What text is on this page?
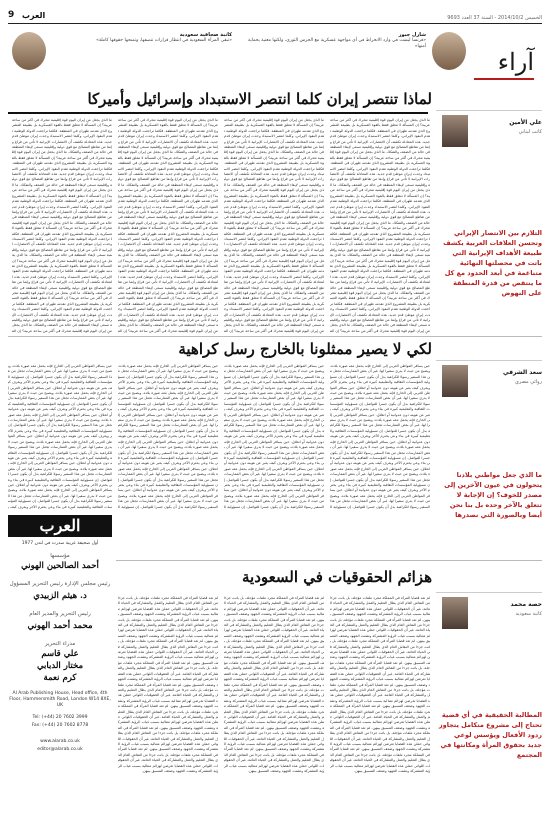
9 العرب	الخميس 2014/10/2 - السنة 37 العدد 9693
شارل جبور
«فرنسا ليست في وارد الانخراط في أي مواجهة عسكرية مع الحرس الثوري، ولكنها معنية بحماية أمنها»
كاتبة صحافية سعودية
«تبقى المرأة السعودية في انتظار قرارات تنصفها، وتمنحها حقوقها كاملة»
آراء
لماذا تنتصر إيران كلما انتصر الاستبداد وإسرائيل وأميركا
علي الأمين
كاتب لبناني
التلازم بين الانتصار الإيراني وتحسن العلاقات العربية يكشف طبيعة الأهداف الإيرانية التي باتت في محصلتها النهائية متناغمة في أبعد الحدود مع كل ما ينتقص من قدرة المنطقة على النهوض
ما الذي يجعل من إيران اليوم قوة إقليمية تتحرك في أكثر من ساحة عربية؟ إن المسألة لا تتعلق فقط بالقوة العسكرية بل بطبيعة المشروع الذي تقدمه طهران في المنطقة. فكلما تراجعت الدولة الوطنية تقدم النفوذ الإيراني، وكلما انتصر الاستبداد وجدت إيران موطئ قدم جديد. هذه المعادلة تكشف أن الانتصارات الإيرانية لا تأتي من فراغ وإنما من تقاطع المصالح مع قوى دولية وإقليمية تسعى لإبقاء المنطقة في حالة من الضعف والتفكك. ما الذي يجعل من إيران اليوم قوة إقليمية تتحرك في أكثر من ساحة عربية؟ إن المسألة لا تتعلق فقط بالقوة العسكرية بل بطبيعة المشروع الذي تقدمه طهران في المنطقة. فكلما تراجعت الدولة الوطنية تقدم النفوذ الإيراني، وكلما انتصر الاستبداد وجدت إيران موطئ قدم جديد. هذه المعادلة تكشف أن الانتصارات الإيرانية لا تأتي من فراغ وإنما من تقاطع المصالح مع قوى دولية وإقليمية تسعى لإبقاء المنطقة في حالة من الضعف والتفكك. ما الذي يجعل من إيران اليوم قوة إقليمية تتحرك في أكثر من ساحة عربية؟ إن المسألة لا تتعلق فقط بالقوة العسكرية بل بطبيعة المشروع الذي تقدمه طهران في المنطقة. فكلما تراجعت الدولة الوطنية تقدم النفوذ الإيراني، وكلما انتصر الاستبداد وجدت إيران موطئ قدم جديد. هذه المعادلة تكشف أن الانتصارات الإيرانية لا تأتي من فراغ وإنما من تقاطع المصالح مع قوى دولية وإقليمية تسعى لإبقاء المنطقة في حالة من الضعف والتفكك. ما الذي يجعل من إيران اليوم قوة إقليمية تتحرك في أكثر من ساحة عربية؟ إن المسألة لا تتعلق فقط بالقوة العسكرية بل بطبيعة المشروع الذي تقدمه طهران في المنطقة. فكلما تراجعت الدولة الوطنية تقدم النفوذ الإيراني، وكلما انتصر الاستبداد وجدت إيران موطئ قدم جديد. هذه المعادلة تكشف أن الانتصارات الإيرانية لا تأتي من فراغ وإنما من تقاطع المصالح مع قوى دولية وإقليمية تسعى لإبقاء المنطقة في حالة من الضعف والتفكك. ما الذي يجعل من إيران اليوم قوة إقليمية تتحرك في أكثر من ساحة عربية؟ إن المسألة لا تتعلق فقط بالقوة العسكرية بل بطبيعة المشروع الذي تقدمه طهران في المنطقة. فكلما تراجعت الدولة الوطنية تقدم النفوذ الإيراني، وكلما انتصر الاستبداد وجدت إيران موطئ قدم جديد. هذه المعادلة تكشف أن الانتصارات الإيرانية لا تأتي من فراغ وإنما من تقاطع المصالح مع قوى دولية وإقليمية تسعى لإبقاء المنطقة في حالة من الضعف والتفكك. ما الذي يجعل من إيران اليوم قوة إقليمية تتحرك في أكثر من ساحة عربية؟ إن المسألة لا تتعلق فقط بالقوة العسكرية بل بطبيعة المشروع الذي تقدمه طهران في المنطقة. فكلما تراجعت الدولة الوطنية تقدم النفوذ الإيراني، وكلما انتصر الاستبداد وجدت إيران موطئ قدم جديد. هذه المعادلة تكشف أن الانتصارات الإيرانية لا تأتي من فراغ وإنما من تقاطع المصالح مع قوى دولية وإقليمية تسعى لإبقاء المنطقة في حالة من الضعف والتفكك. ما الذي يجعل من إيران اليوم قوة إقليمية تتحرك في أكثر من ساحة عربية؟ إن الم
ما الذي يجعل من إيران اليوم قوة إقليمية تتحرك في أكثر من ساحة عربية؟ إن المسألة لا تتعلق فقط بالقوة العسكرية بل بطبيعة المشروع الذي تقدمه طهران في المنطقة. فكلما تراجعت الدولة الوطنية تقدم النفوذ الإيراني، وكلما انتصر الاستبداد وجدت إيران موطئ قدم جديد. هذه المعادلة تكشف أن الانتصارات الإيرانية لا تأتي من فراغ وإنما من تقاطع المصالح مع قوى دولية وإقليمية تسعى لإبقاء المنطقة في حالة من الضعف والتفكك. ما الذي يجعل من إيران اليوم قوة إقليمية تتحرك في أكثر من ساحة عربية؟ إن المسألة لا تتعلق فقط بالقوة العسكرية بل بطبيعة المشروع الذي تقدمه طهران في المنطقة. فكلما تراجعت الدولة الوطنية تقدم النفوذ الإيراني، وكلما انتصر الاستبداد وجدت إيران موطئ قدم جديد. هذه المعادلة تكشف أن الانتصارات الإيرانية لا تأتي من فراغ وإنما من تقاطع المصالح مع قوى دولية وإقليمية تسعى لإبقاء المنطقة في حالة من الضعف والتفكك. ما الذي يجعل من إيران اليوم قوة إقليمية تتحرك في أكثر من ساحة عربية؟ إن المسألة لا تتعلق فقط بالقوة العسكرية بل بطبيعة المشروع الذي تقدمه طهران في المنطقة. فكلما تراجعت الدولة الوطنية تقدم النفوذ الإيراني، وكلما انتصر الاستبداد وجدت إيران موطئ قدم جديد. هذه المعادلة تكشف أن الانتصارات الإيرانية لا تأتي من فراغ وإنما من تقاطع المصالح مع قوى دولية وإقليمية تسعى لإبقاء المنطقة في حالة من الضعف والتفكك. ما الذي يجعل من إيران اليوم قوة إقليمية تتحرك في أكثر من ساحة عربية؟ إن المسألة لا تتعلق فقط بالقوة العسكرية بل بطبيعة المشروع الذي تقدمه طهران في المنطقة. فكلما تراجعت الدولة الوطنية تقدم النفوذ الإيراني، وكلما انتصر الاستبداد وجدت إيران موطئ قدم جديد. هذه المعادلة تكشف أن الانتصارات الإيرانية لا تأتي من فراغ وإنما من تقاطع المصالح مع قوى دولية وإقليمية تسعى لإبقاء المنطقة في حالة من الضعف والتفكك. ما الذي يجعل من إيران اليوم قوة إقليمية تتحرك في أكثر من ساحة عربية؟ إن المسألة لا تتعلق فقط بالقوة العسكرية بل بطبيعة المشروع الذي تقدمه طهران في المنطقة. فكلما تراجعت الدولة الوطنية تقدم النفوذ الإيراني، وكلما انتصر الاستبداد وجدت إيران موطئ قدم جديد. هذه المعادلة تكشف أن الانتصارات الإيرانية لا تأتي من فراغ وإنما من تقاطع المصالح مع قوى دولية وإقليمية تسعى لإبقاء المنطقة في حالة من الضعف والتفكك. ما الذي يجعل من إيران اليوم قوة إقليمية تتحرك في أكثر من ساحة عربية؟ إن المسألة لا تتعلق فقط بالقوة العسكرية بل بطبيعة المشروع الذي تقدمه طهران في المنطقة. فكلما تراجعت الدولة الوطنية تقدم النفوذ الإيراني، وكلما انتصر الاستبداد وجدت إيران موطئ قدم جديد. هذه المعادلة تكشف أن الانتصارات الإيرانية لا تأتي من فراغ وإنما من تقاطع المصالح مع قوى دولية وإقليمية تسعى لإبقاء المنطقة في حالة من الضعف والتفكك. ما الذي يجعل من إيران اليوم قوة إقليمية تتحرك في أكثر من ساحة عربية؟ إن الم
ما الذي يجعل من إيران اليوم قوة إقليمية تتحرك في أكثر من ساحة عربية؟ إن المسألة لا تتعلق فقط بالقوة العسكرية بل بطبيعة المشروع الذي تقدمه طهران في المنطقة. فكلما تراجعت الدولة الوطنية تقدم النفوذ الإيراني، وكلما انتصر الاستبداد وجدت إيران موطئ قدم جديد. هذه المعادلة تكشف أن الانتصارات الإيرانية لا تأتي من فراغ وإنما من تقاطع المصالح مع قوى دولية وإقليمية تسعى لإبقاء المنطقة في حالة من الضعف والتفكك. ما الذي يجعل من إيران اليوم قوة إقليمية تتحرك في أكثر من ساحة عربية؟ إن المسألة لا تتعلق فقط بالقوة العسكرية بل بطبيعة المشروع الذي تقدمه طهران في المنطقة. فكلما تراجعت الدولة الوطنية تقدم النفوذ الإيراني، وكلما انتصر الاستبداد وجدت إيران موطئ قدم جديد. هذه المعادلة تكشف أن الانتصارات الإيرانية لا تأتي من فراغ وإنما من تقاطع المصالح مع قوى دولية وإقليمية تسعى لإبقاء المنطقة في حالة من الضعف والتفكك. ما الذي يجعل من إيران اليوم قوة إقليمية تتحرك في أكثر من ساحة عربية؟ إن المسألة لا تتعلق فقط بالقوة العسكرية بل بطبيعة المشروع الذي تقدمه طهران في المنطقة. فكلما تراجعت الدولة الوطنية تقدم النفوذ الإيراني، وكلما انتصر الاستبداد وجدت إيران موطئ قدم جديد. هذه المعادلة تكشف أن الانتصارات الإيرانية لا تأتي من فراغ وإنما من تقاطع المصالح مع قوى دولية وإقليمية تسعى لإبقاء المنطقة في حالة من الضعف والتفكك. ما الذي يجعل من إيران اليوم قوة إقليمية تتحرك في أكثر من ساحة عربية؟ إن المسألة لا تتعلق فقط بالقوة العسكرية بل بطبيعة المشروع الذي تقدمه طهران في المنطقة. فكلما تراجعت الدولة الوطنية تقدم النفوذ الإيراني، وكلما انتصر الاستبداد وجدت إيران موطئ قدم جديد. هذه المعادلة تكشف أن الانتصارات الإيرانية لا تأتي من فراغ وإنما من تقاطع المصالح مع قوى دولية وإقليمية تسعى لإبقاء المنطقة في حالة من الضعف والتفكك. ما الذي يجعل من إيران اليوم قوة إقليمية تتحرك في أكثر من ساحة عربية؟ إن المسألة لا تتعلق فقط بالقوة العسكرية بل بطبيعة المشروع الذي تقدمه طهران في المنطقة. فكلما تراجعت الدولة الوطنية تقدم النفوذ الإيراني، وكلما انتصر الاستبداد وجدت إيران موطئ قدم جديد. هذه المعادلة تكشف أن الانتصارات الإيرانية لا تأتي من فراغ وإنما من تقاطع المصالح مع قوى دولية وإقليمية تسعى لإبقاء المنطقة في حالة من الضعف والتفكك. ما الذي يجعل من إيران اليوم قوة إقليمية تتحرك في أكثر من ساحة عربية؟ إن المسألة لا تتعلق فقط بالقوة العسكرية بل بطبيعة المشروع الذي تقدمه طهران في المنطقة. فكلما تراجعت الدولة الوطنية تقدم النفوذ الإيراني، وكلما انتصر الاستبداد وجدت إيران موطئ قدم جديد. هذه المعادلة تكشف أن الانتصارات الإيرانية لا تأتي من فراغ وإنما من تقاطع المصالح مع قوى دولية وإقليمية تسعى لإبقاء المنطقة في حالة من الضعف والتفكك. ما الذي يجعل من إيران اليوم قوة إقليمية تتحرك في أكثر من ساحة عربية؟ إن الم
ما الذي يجعل من إيران اليوم قوة إقليمية تتحرك في أكثر من ساحة عربية؟ إن المسألة لا تتعلق فقط بالقوة العسكرية بل بطبيعة المشروع الذي تقدمه طهران في المنطقة. فكلما تراجعت الدولة الوطنية تقدم النفوذ الإيراني، وكلما انتصر الاستبداد وجدت إيران موطئ قدم جديد. هذه المعادلة تكشف أن الانتصارات الإيرانية لا تأتي من فراغ وإنما من تقاطع المصالح مع قوى دولية وإقليمية تسعى لإبقاء المنطقة في حالة من الضعف والتفكك. ما الذي يجعل من إيران اليوم قوة إقليمية تتحرك في أكثر من ساحة عربية؟ إن المسألة لا تتعلق فقط بالقوة العسكرية بل بطبيعة المشروع الذي تقدمه طهران في المنطقة. فكلما تراجعت الدولة الوطنية تقدم النفوذ الإيراني، وكلما انتصر الاستبداد وجدت إيران موطئ قدم جديد. هذه المعادلة تكشف أن الانتصارات الإيرانية لا تأتي من فراغ وإنما من تقاطع المصالح مع قوى دولية وإقليمية تسعى لإبقاء المنطقة في حالة من الضعف والتفكك. ما الذي يجعل من إيران اليوم قوة إقليمية تتحرك في أكثر من ساحة عربية؟ إن المسألة لا تتعلق فقط بالقوة العسكرية بل بطبيعة المشروع الذي تقدمه طهران في المنطقة. فكلما تراجعت الدولة الوطنية تقدم النفوذ الإيراني، وكلما انتصر الاستبداد وجدت إيران موطئ قدم جديد. هذه المعادلة تكشف أن الانتصارات الإيرانية لا تأتي من فراغ وإنما من تقاطع المصالح مع قوى دولية وإقليمية تسعى لإبقاء المنطقة في حالة من الضعف والتفكك. ما الذي يجعل من إيران اليوم قوة إقليمية تتحرك في أكثر من ساحة عربية؟ إن المسألة لا تتعلق فقط بالقوة العسكرية بل بطبيعة المشروع الذي تقدمه طهران في المنطقة. فكلما تراجعت الدولة الوطنية تقدم النفوذ الإيراني، وكلما انتصر الاستبداد وجدت إيران موطئ قدم جديد. هذه المعادلة تكشف أن الانتصارات الإيرانية لا تأتي من فراغ وإنما من تقاطع المصالح مع قوى دولية وإقليمية تسعى لإبقاء المنطقة في حالة من الضعف والتفكك. ما الذي يجعل من إيران اليوم قوة إقليمية تتحرك في أكثر من ساحة عربية؟ إن المسألة لا تتعلق فقط بالقوة العسكرية بل بطبيعة المشروع الذي تقدمه طهران في المنطقة. فكلما تراجعت الدولة الوطنية تقدم النفوذ الإيراني، وكلما انتصر الاستبداد وجدت إيران موطئ قدم جديد. هذه المعادلة تكشف أن الانتصارات الإيرانية لا تأتي من فراغ وإنما من تقاطع المصالح مع قوى دولية وإقليمية تسعى لإبقاء المنطقة في حالة من الضعف والتفكك. ما الذي يجعل من إيران اليوم قوة إقليمية تتحرك في أكثر من ساحة عربية؟ إن المسألة لا تتعلق فقط بالقوة العسكرية بل بطبيعة المشروع الذي تقدمه طهران في المنطقة. فكلما تراجعت الدولة الوطنية تقدم النفوذ الإيراني، وكلما انتصر الاستبداد وجدت إيران موطئ قدم جديد. هذه المعادلة تكشف أن الانتصارات الإيرانية لا تأتي من فراغ وإنما من تقاطع المصالح مع قوى دولية وإقليمية تسعى لإبقاء المنطقة في حالة من الضعف والتفكك. ما الذي يجعل من إيران اليوم قوة إقليمية تتحرك في أكثر من ساحة عربية؟ إن الم
لكي لا يصير ممثلونا بالخارج رسل كراهية
سعد الشرفي
روائي مصري
ما الذي جعل مواطني بلادنا يتحولون في عيون الآخرين إلى مصدر للخوف؟ إن الإجابة لا تتعلق بالآخر وحده بل بنا نحن أيضا وبالصورة التي نصدرها
حين يسافر المواطن العربي إلى الخارج فإنه يحمل معه صورة بلاده، ويصبح من حيث لا يدري سفيرا لها. غير أن بعض الممارسات تجعل من هذا السفير رسولا للكراهية بدل أن يكون جسرا للتواصل. إن مسؤولية المؤسسات الثقافية والتعليمية كبيرة في بناء وعي يحترم الآخر ويعرف كيف يعبر عن هويته دون عدوانية أو انغلاق. حين يسافر المواطن العربي إلى الخارج فإنه يحمل معه صورة بلاده، ويصبح من حيث لا يدري سفيرا لها. غير أن بعض الممارسات تجعل من هذا السفير رسولا للكراهية بدل أن يكون جسرا للتواصل. إن مسؤولية المؤسسات الثقافية والتعليمية كبيرة في بناء وعي يحترم الآخر ويعرف كيف يعبر عن هويته دون عدوانية أو انغلاق. حين يسافر المواطن العربي إلى الخارج فإنه يحمل معه صورة بلاده، ويصبح من حيث لا يدري سفيرا لها. غير أن بعض الممارسات تجعل من هذا السفير رسولا للكراهية بدل أن يكون جسرا للتواصل. إن مسؤولية المؤسسات الثقافية والتعليمية كبيرة في بناء وعي يحترم الآخر ويعرف كيف يعبر عن هويته دون عدوانية أو انغلاق. حين يسافر المواطن العربي إلى الخارج فإنه يحمل معه صورة بلاده، ويصبح من حيث لا يدري سفيرا لها. غير أن بعض الممارسات تجعل من هذا السفير رسولا للكراهية بدل أن يكون جسرا للتواصل. إن مسؤولية المؤسسات الثقافية والتعليمية كبيرة في بناء وعي يحترم الآخر ويعرف كيف يعبر عن هويته دون عدوانية أو انغلاق. حين يسافر المواطن العربي إلى الخارج فإنه يحمل معه صورة بلاده، ويصبح من حيث لا يدري سفيرا لها. غير أن بعض الممارسات تجعل من هذا السفير رسولا للكراهية بدل أن يكون جسرا للتواصل. إن مسؤولية المؤسسات الثقافية والتعليمية كبيرة في بناء وعي يحترم الآخر ويعرف كيف يعبر عن هويته دون عدوانية أو انغلاق. حين يسافر المواطن العربي إلى الخارج فإنه يحمل معه صورة بلاده، ويصبح من حيث لا يدري سفيرا لها. غير أن بعض الممارسات تجعل من هذا السفير رسولا للكراهية بدل أن يكون جسرا للتواصل. إن مسؤولية ال
حين يسافر المواطن العربي إلى الخارج فإنه يحمل معه صورة بلاده، ويصبح من حيث لا يدري سفيرا لها. غير أن بعض الممارسات تجعل من هذا السفير رسولا للكراهية بدل أن يكون جسرا للتواصل. إن مسؤولية المؤسسات الثقافية والتعليمية كبيرة في بناء وعي يحترم الآخر ويعرف كيف يعبر عن هويته دون عدوانية أو انغلاق. حين يسافر المواطن العربي إلى الخارج فإنه يحمل معه صورة بلاده، ويصبح من حيث لا يدري سفيرا لها. غير أن بعض الممارسات تجعل من هذا السفير رسولا للكراهية بدل أن يكون جسرا للتواصل. إن مسؤولية المؤسسات الثقافية والتعليمية كبيرة في بناء وعي يحترم الآخر ويعرف كيف يعبر عن هويته دون عدوانية أو انغلاق. حين يسافر المواطن العربي إلى الخارج فإنه يحمل معه صورة بلاده، ويصبح من حيث لا يدري سفيرا لها. غير أن بعض الممارسات تجعل من هذا السفير رسولا للكراهية بدل أن يكون جسرا للتواصل. إن مسؤولية المؤسسات الثقافية والتعليمية كبيرة في بناء وعي يحترم الآخر ويعرف كيف يعبر عن هويته دون عدوانية أو انغلاق. حين يسافر المواطن العربي إلى الخارج فإنه يحمل معه صورة بلاده، ويصبح من حيث لا يدري سفيرا لها. غير أن بعض الممارسات تجعل من هذا السفير رسولا للكراهية بدل أن يكون جسرا للتواصل. إن مسؤولية المؤسسات الثقافية والتعليمية كبيرة في بناء وعي يحترم الآخر ويعرف كيف يعبر عن هويته دون عدوانية أو انغلاق. حين يسافر المواطن العربي إلى الخارج فإنه يحمل معه صورة بلاده، ويصبح من حيث لا يدري سفيرا لها. غير أن بعض الممارسات تجعل من هذا السفير رسولا للكراهية بدل أن يكون جسرا للتواصل. إن مسؤولية المؤسسات الثقافية والتعليمية كبيرة في بناء وعي يحترم الآخر ويعرف كيف يعبر عن هويته دون عدوانية أو انغلاق. حين يسافر المواطن العربي إلى الخارج فإنه يحمل معه صورة بلاده، ويصبح من حيث لا يدري سفيرا لها. غير أن بعض الممارسات تجعل من هذا السفير رسولا للكراهية بدل أن يكون جسرا للتواصل. إن مسؤولية ال
حين يسافر المواطن العربي إلى الخارج فإنه يحمل معه صورة بلاده، ويصبح من حيث لا يدري سفيرا لها. غير أن بعض الممارسات تجعل من هذا السفير رسولا للكراهية بدل أن يكون جسرا للتواصل. إن مسؤولية المؤسسات الثقافية والتعليمية كبيرة في بناء وعي يحترم الآخر ويعرف كيف يعبر عن هويته دون عدوانية أو انغلاق. حين يسافر المواطن العربي إلى الخارج فإنه يحمل معه صورة بلاده، ويصبح من حيث لا يدري سفيرا لها. غير أن بعض الممارسات تجعل من هذا السفير رسولا للكراهية بدل أن يكون جسرا للتواصل. إن مسؤولية المؤسسات الثقافية والتعليمية كبيرة في بناء وعي يحترم الآخر ويعرف كيف يعبر عن هويته دون عدوانية أو انغلاق. حين يسافر المواطن العربي إلى الخارج فإنه يحمل معه صورة بلاده، ويصبح من حيث لا يدري سفيرا لها. غير أن بعض الممارسات تجعل من هذا السفير رسولا للكراهية بدل أن يكون جسرا للتواصل. إن مسؤولية المؤسسات الثقافية والتعليمية كبيرة في بناء وعي يحترم الآخر ويعرف كيف يعبر عن هويته دون عدوانية أو انغلاق. حين يسافر المواطن العربي إلى الخارج فإنه يحمل معه صورة بلاده، ويصبح من حيث لا يدري سفيرا لها. غير أن بعض الممارسات تجعل من هذا السفير رسولا للكراهية بدل أن يكون جسرا للتواصل. إن مسؤولية المؤسسات الثقافية والتعليمية كبيرة في بناء وعي يحترم الآخر ويعرف كيف يعبر عن هويته دون عدوانية أو انغلاق. حين يسافر المواطن العربي إلى الخارج فإنه يحمل معه صورة بلاده، ويصبح من حيث لا يدري سفيرا لها. غير أن بعض الممارسات تجعل من هذا السفير رسولا للكراهية بدل أن يكون جسرا للتواصل. إن مسؤولية المؤسسات الثقافية والتعليمية كبيرة في بناء وعي يحترم الآخر ويعرف كيف يعبر عن هويته دون عدوانية أو انغلاق. حين يسافر المواطن العربي إلى الخارج فإنه يحمل معه صورة بلاده، ويصبح من حيث لا يدري سفيرا لها. غير أن بعض الممارسات تجعل من هذا السفير رسولا للكراهية بدل أن يكون جسرا للتواصل. إن مسؤولية ال
حين يسافر المواطن العربي إلى الخارج فإنه يحمل معه صورة بلاده، ويصبح من حيث لا يدري سفيرا لها. غير أن بعض الممارسات تجعل من هذا السفير رسولا للكراهية بدل أن يكون جسرا للتواصل. إن مسؤولية المؤسسات الثقافية والتعليمية كبيرة في بناء وعي يحترم الآخر ويعرف كيف يعبر عن هويته دون عدوانية أو انغلاق. حين يسافر المواطن العربي إلى الخارج فإنه يحمل معه صورة بلاده، ويصبح من حيث لا يدري سفيرا لها. غير أن بعض الممارسات تجعل من هذا السفير رسولا للكراهية بدل أن يكون جسرا للتواصل. إن مسؤولية المؤسسات الثقافية والتعليمية كبيرة في بناء وعي يحترم الآخر ويعرف كيف يعبر عن هويته دون عدوانية أو انغلاق. حين يسافر المواطن العربي إلى الخارج فإنه يحمل معه صورة بلاده، ويصبح من حيث لا يدري سفيرا لها. غير أن بعض الممارسات تجعل من هذا السفير رسولا للكراهية بدل أن يكون جسرا للتواصل. إن مسؤولية المؤسسات الثقافية والتعليمية كبيرة في بناء وعي يحترم الآخر ويعرف كيف يعبر عن هويته دون عدوانية أو انغلاق. حين يسافر المواطن العربي إلى الخارج فإنه يحمل معه صورة بلاده، ويصبح من حيث لا يدري سفيرا لها. غير أن بعض الممارسات تجعل من هذا السفير رسولا للكراهية بدل أن يكون جسرا للتواصل. إن مسؤولية المؤسسات الثقافية والتعليمية كبيرة في بناء وعي يحترم الآخر ويعرف كيف يعبر عن هويته دون عدوانية أو انغلاق. حين يسافر المواطن العربي إلى الخارج فإنه يحمل معه صورة بلاده، ويصبح من حيث لا يدري سفيرا لها. غير أن بعض الممارسات تجعل من هذا السفير رسولا للكراهية بدل أن يكون جسرا للتواصل. إن مسؤولية المؤسسات الثقافية والتعليمية كبيرة في بناء وعي يحترم الآخر ويعرف كيف يعبر عن هويته دون عدوانية أو انغلاق. حين يسافر المواطن العربي إلى الخارج فإنه يحمل معه صورة بلاده، ويصبح من حيث لا يدري سفيرا لها. غير أن بعض الممارسات تجعل من هذا السفير رسولا للكراهية بدل أن يكون جسرا للتواصل. إن مسؤولية المؤسسات الثقافية والتعليمية كبيرة في بناء وعي يحترم الآخر ويعرف كيف ي
هزائم الحقوقيات في السعودية
حصة محمد
كاتبة سعودية
المطالبة الحقيقية في أي قضية تحتاج إلى مشروع متكامل يتجاوز ردود الأفعال ويؤسس لوعي جديد بحقوق المرأة ومكانتها في المجتمع
لم تعد قضايا المرأة في المملكة مجرد ملفات مؤجلة، بل باتت جزءا من النقاش العام الذي يطال التعليم والعمل والمشاركة في الحياة العامة. غير أن الحقوقيات اللواتي حملن هذه القضايا تعرضن لهزائم متتالية بسبب غياب الرؤية المشتركة وتشتت الجهود وضعف التنسيق بينهن. لم تعد قضايا المرأة في المملكة مجرد ملفات مؤجلة، بل باتت جزءا من النقاش العام الذي يطال التعليم والعمل والمشاركة في الحياة العامة. غير أن الحقوقيات اللواتي حملن هذه القضايا تعرضن لهزائم متتالية بسبب غياب الرؤية المشتركة وتشتت الجهود وضعف التنسيق بينهن. لم تعد قضايا المرأة في المملكة مجرد ملفات مؤجلة، بل باتت جزءا من النقاش العام الذي يطال التعليم والعمل والمشاركة في الحياة العامة. غير أن الحقوقيات اللواتي حملن هذه القضايا تعرضن لهزائم متتالية بسبب غياب الرؤية المشتركة وتشتت الجهود وضعف التنسيق بينهن. لم تعد قضايا المرأة في المملكة مجرد ملفات مؤجلة، بل باتت جزءا من النقاش العام الذي يطال التعليم والعمل والمشاركة في الحياة العامة. غير أن الحقوقيات اللواتي حملن هذه القضايا تعرضن لهزائم متتالية بسبب غياب الرؤية المشتركة وتشتت الجهود وضعف التنسيق بينهن. لم تعد قضايا المرأة في المملكة مجرد ملفات مؤجلة، بل باتت جزءا من النقاش العام الذي يطال التعليم والعمل والمشاركة في الحياة العامة. غير أن الحقوقيات اللواتي حملن هذه القضايا تعرضن لهزائم متتالية بسبب غياب الرؤية المشتركة وتشتت الجهود وضعف التنسيق بينهن. لم تعد قضايا المرأة في المملكة مجرد ملفات مؤجلة، بل باتت جزءا من النقاش العام الذي يطال التعليم والعمل والمشاركة في الحياة العامة. غير أن الحقوقيات اللواتي حملن هذه القضايا تعرضن لهزائم متتالية بسبب غياب الرؤية المشتركة وتشتت الجهود وضعف التنسيق بينهن. لم تعد قضايا المرأة في المملكة مجرد ملفات مؤجلة، بل باتت جزءا من النقاش العام الذي يطال التعليم والعمل والمشاركة في الحياة العامة. غير أن الحقوقيات اللواتي حملن هذه القضايا تعرضن لهزائم متتالية بسبب غياب الرؤية المشتركة وتشتت الجهود وضعف التنسيق بينهن. لم تعد قضايا المرأة في المملكة مجرد ملفات مؤجلة، بل باتت جزءا من النقاش العام الذي يطال التعليم والعمل والمشاركة في الحياة العامة. غير أن الحقوقيات اللواتي حملن هذه القضايا تعرضن لهزائم متتالية بسبب غياب الرؤية المشتركة وتشتت الجهود وضعف التنسيق بينهن.
لم تعد قضايا المرأة في المملكة مجرد ملفات مؤجلة، بل باتت جزءا من النقاش العام الذي يطال التعليم والعمل والمشاركة في الحياة العامة. غير أن الحقوقيات اللواتي حملن هذه القضايا تعرضن لهزائم متتالية بسبب غياب الرؤية المشتركة وتشتت الجهود وضعف التنسيق بينهن. لم تعد قضايا المرأة في المملكة مجرد ملفات مؤجلة، بل باتت جزءا من النقاش العام الذي يطال التعليم والعمل والمشاركة في الحياة العامة. غير أن الحقوقيات اللواتي حملن هذه القضايا تعرضن لهزائم متتالية بسبب غياب الرؤية المشتركة وتشتت الجهود وضعف التنسيق بينهن. لم تعد قضايا المرأة في المملكة مجرد ملفات مؤجلة، بل باتت جزءا من النقاش العام الذي يطال التعليم والعمل والمشاركة في الحياة العامة. غير أن الحقوقيات اللواتي حملن هذه القضايا تعرضن لهزائم متتالية بسبب غياب الرؤية المشتركة وتشتت الجهود وضعف التنسيق بينهن. لم تعد قضايا المرأة في المملكة مجرد ملفات مؤجلة، بل باتت جزءا من النقاش العام الذي يطال التعليم والعمل والمشاركة في الحياة العامة. غير أن الحقوقيات اللواتي حملن هذه القضايا تعرضن لهزائم متتالية بسبب غياب الرؤية المشتركة وتشتت الجهود وضعف التنسيق بينهن. لم تعد قضايا المرأة في المملكة مجرد ملفات مؤجلة، بل باتت جزءا من النقاش العام الذي يطال التعليم والعمل والمشاركة في الحياة العامة. غير أن الحقوقيات اللواتي حملن هذه القضايا تعرضن لهزائم متتالية بسبب غياب الرؤية المشتركة وتشتت الجهود وضعف التنسيق بينهن. لم تعد قضايا المرأة في المملكة مجرد ملفات مؤجلة، بل باتت جزءا من النقاش العام الذي يطال التعليم والعمل والمشاركة في الحياة العامة. غير أن الحقوقيات اللواتي حملن هذه القضايا تعرضن لهزائم متتالية بسبب غياب الرؤية المشتركة وتشتت الجهود وضعف التنسيق بينهن. لم تعد قضايا المرأة في المملكة مجرد ملفات مؤجلة، بل باتت جزءا من النقاش العام الذي يطال التعليم والعمل والمشاركة في الحياة العامة. غير أن الحقوقيات اللواتي حملن هذه القضايا تعرضن لهزائم متتالية بسبب غياب الرؤية المشتركة وتشتت الجهود وضعف التنسيق بينهن. لم تعد قضايا المرأة في المملكة مجرد ملفات مؤجلة، بل باتت جزءا من النقاش العام الذي يطال التعليم والعمل والمشاركة في الحياة العامة. غير أن الحقوقيات اللواتي حملن هذه القضايا تعرضن لهزائم متتالية بسبب غياب الرؤية المشتركة وتشتت الجهود وضعف التنسيق بينهن.
لم تعد قضايا المرأة في المملكة مجرد ملفات مؤجلة، بل باتت جزءا من النقاش العام الذي يطال التعليم والعمل والمشاركة في الحياة العامة. غير أن الحقوقيات اللواتي حملن هذه القضايا تعرضن لهزائم متتالية بسبب غياب الرؤية المشتركة وتشتت الجهود وضعف التنسيق بينهن. لم تعد قضايا المرأة في المملكة مجرد ملفات مؤجلة، بل باتت جزءا من النقاش العام الذي يطال التعليم والعمل والمشاركة في الحياة العامة. غير أن الحقوقيات اللواتي حملن هذه القضايا تعرضن لهزائم متتالية بسبب غياب الرؤية المشتركة وتشتت الجهود وضعف التنسيق بينهن. لم تعد قضايا المرأة في المملكة مجرد ملفات مؤجلة، بل باتت جزءا من النقاش العام الذي يطال التعليم والعمل والمشاركة في الحياة العامة. غير أن الحقوقيات اللواتي حملن هذه القضايا تعرضن لهزائم متتالية بسبب غياب الرؤية المشتركة وتشتت الجهود وضعف التنسيق بينهن. لم تعد قضايا المرأة في المملكة مجرد ملفات مؤجلة، بل باتت جزءا من النقاش العام الذي يطال التعليم والعمل والمشاركة في الحياة العامة. غير أن الحقوقيات اللواتي حملن هذه القضايا تعرضن لهزائم متتالية بسبب غياب الرؤية المشتركة وتشتت الجهود وضعف التنسيق بينهن. لم تعد قضايا المرأة في المملكة مجرد ملفات مؤجلة، بل باتت جزءا من النقاش العام الذي يطال التعليم والعمل والمشاركة في الحياة العامة. غير أن الحقوقيات اللواتي حملن هذه القضايا تعرضن لهزائم متتالية بسبب غياب الرؤية المشتركة وتشتت الجهود وضعف التنسيق بينهن. لم تعد قضايا المرأة في المملكة مجرد ملفات مؤجلة، بل باتت جزءا من النقاش العام الذي يطال التعليم والعمل والمشاركة في الحياة العامة. غير أن الحقوقيات اللواتي حملن هذه القضايا تعرضن لهزائم متتالية بسبب غياب الرؤية المشتركة وتشتت الجهود وضعف التنسيق بينهن. لم تعد قضايا المرأة في المملكة مجرد ملفات مؤجلة، بل باتت جزءا من النقاش العام الذي يطال التعليم والعمل والمشاركة في الحياة العامة. غير أن الحقوقيات اللواتي حملن هذه القضايا تعرضن لهزائم متتالية بسبب غياب الرؤية المشتركة وتشتت الجهود وضعف التنسيق بينهن. لم تعد قضايا المرأة في المملكة مجرد ملفات مؤجلة، بل باتت جزءا من النقاش العام الذي يطال التعليم والعمل والمشاركة في الحياة العامة. غير أن الحقوقيات اللواتي حملن هذه القضايا تعرضن لهزائم متتالية بسبب غياب الرؤية المشتركة وتشتت الجهود وضعف التنسيق بينهن.
العرب
أول صحيفة عربية صدرت في لندن 1977
مؤسسها
أحمد الصالحين الهوني
رئيس مجلس الإدارة رئيس التحرير المسؤول
د. هيثم الزبيدي
رئيس التحرير والمدير العام
محمد أحمد الهوني
مدراء التحرير
علي قاسم
مختار الدبابي
كرم نعمة
Al Arab Publishing House, Head office, 4th Floor, Hammersmith Road, London W14 8XE, UK
Tel: (+44) 20 7602 3999
Fax: (+44) 20 7602 8778
www.alarab.co.uk
editor@alarab.co.uk
